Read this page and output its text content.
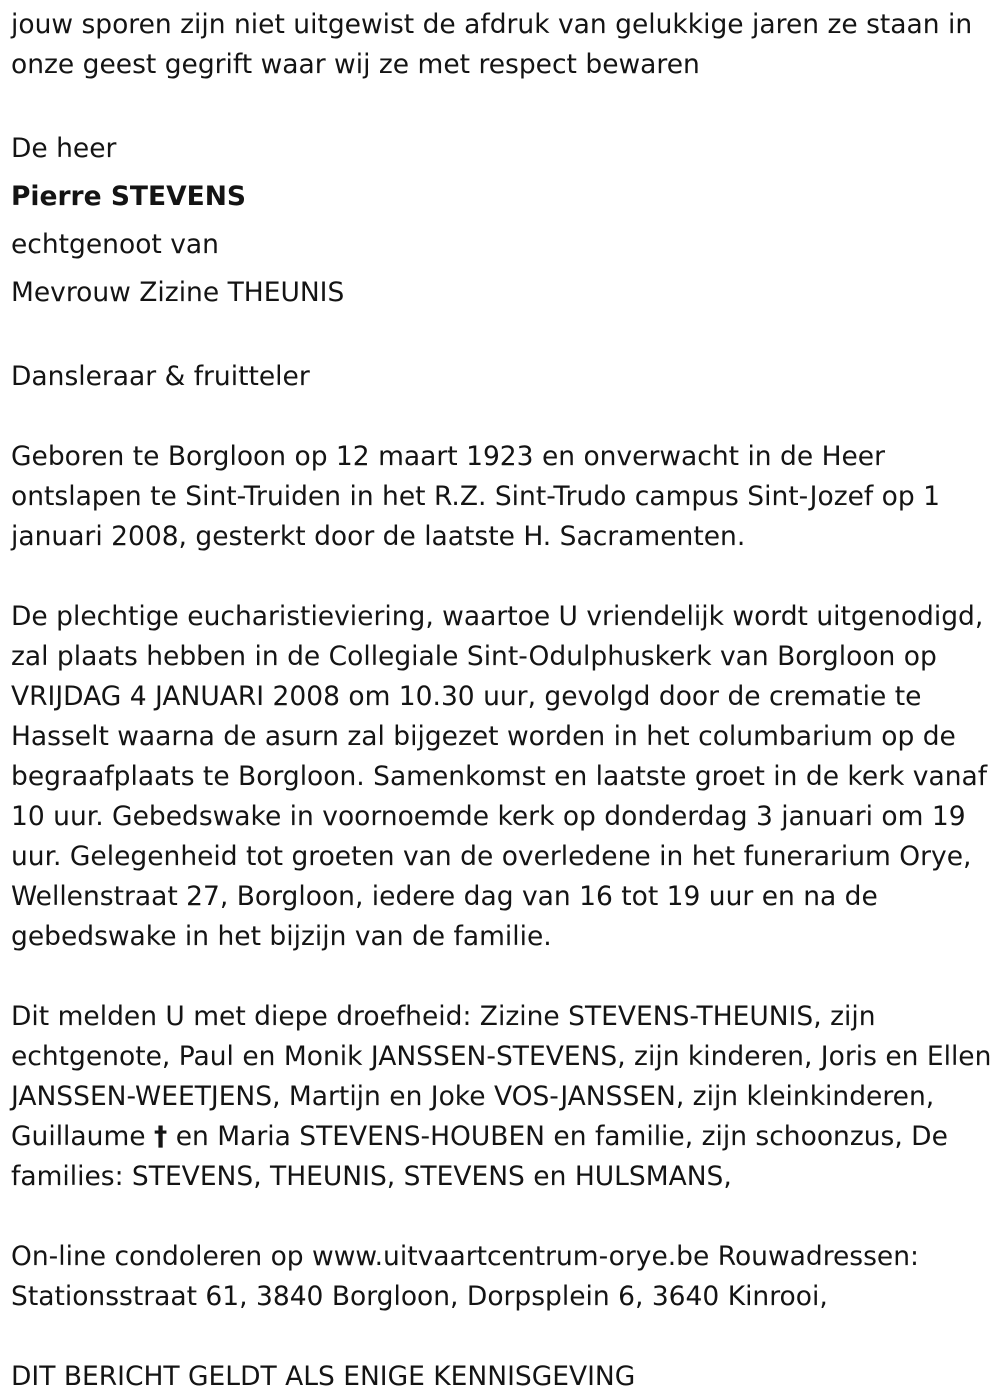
jouw sporen zijn niet uitgewist de afdruk van gelukkige jaren ze staan in onze geest gegrift waar wij ze met respect bewaren

De heer

Pierre STEVENS

echtgenoot van

Mevrouw Zizine THEUNIS

Dansleraar & fruitteler

Geboren te Borgloon op 12 maart 1923 en onverwacht in de Heer ontslapen te Sint-Truiden in het R.Z. Sint-Trudo campus Sint-Jozef op 1 januari 2008, gesterkt door de laatste H. Sacramenten.

De plechtige eucharistieviering, waartoe U vriendelijk wordt uitgenodigd, zal plaats hebben in de Collegiale Sint-Odulphuskerk van Borgloon op VRIJDAG 4 JANUARI 2008 om 10.30 uur, gevolgd door de crematie te Hasselt waarna de asurn zal bijgezet worden in het columbarium op de begraafplaats te Borgloon. Samenkomst en laatste groet in de kerk vanaf 10 uur. Gebedswake in voornoemde kerk op donderdag 3 januari om 19 uur. Gelegenheid tot groeten van de overledene in het funerarium Orye, Wellenstraat 27, Borgloon, iedere dag van 16 tot 19 uur en na de gebedswake in het bijzijn van de familie.

Dit melden U met diepe droefheid: Zizine STEVENS-THEUNIS, zijn echtgenote, Paul en Monik JANSSEN-STEVENS, zijn kinderen, Joris en Ellen JANSSEN-WEETJENS, Martijn en Joke VOS-JANSSEN, zijn kleinkinderen, Guillaume † en Maria STEVENS-HOUBEN en familie, zijn schoonzus, De families: STEVENS, THEUNIS, STEVENS en HULSMANS,

On-line condoleren op www.uitvaartcentrum-orye.be Rouwadressen: Stationsstraat 61, 3840 Borgloon, Dorpsplein 6, 3640 Kinrooi,

DIT BERICHT GELDT ALS ENIGE KENNISGEVING
